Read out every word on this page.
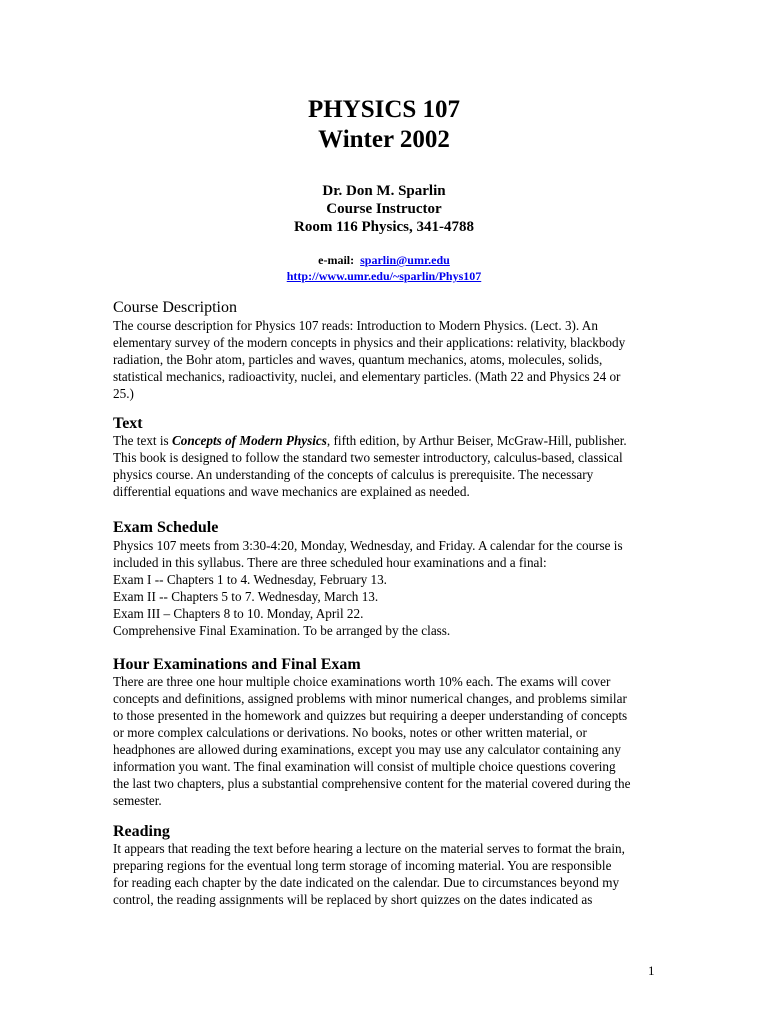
PHYSICS 107
Winter 2002
Dr. Don M. Sparlin
Course Instructor
Room 116 Physics, 341-4788
e-mail: sparlin@umr.edu
http://www.umr.edu/~sparlin/Phys107
Course Description
The course description for Physics 107 reads: Introduction to Modern Physics. (Lect. 3). An
elementary survey of the modern concepts in physics and their applications: relativity, blackbody
radiation, the Bohr atom, particles and waves, quantum mechanics, atoms, molecules, solids,
statistical mechanics, radioactivity, nuclei, and elementary particles. (Math 22 and Physics 24 or
25.)
Text
The text is Concepts of Modern Physics, fifth edition, by Arthur Beiser, McGraw-Hill, publisher.
This book is designed to follow the standard two semester introductory, calculus-based, classical
physics course. An understanding of the concepts of calculus is prerequisite. The necessary
differential equations and wave mechanics are explained as needed.
Exam Schedule
Physics 107 meets from 3:30-4:20, Monday, Wednesday, and Friday. A calendar for the course is
included in this syllabus. There are three scheduled hour examinations and a final:
Exam I -- Chapters 1 to 4. Wednesday, February 13.
Exam II -- Chapters 5 to 7. Wednesday, March 13.
Exam III – Chapters 8 to 10. Monday, April 22.
Comprehensive Final Examination. To be arranged by the class.
Hour Examinations and Final Exam
There are three one hour multiple choice examinations worth 10% each. The exams will cover
concepts and definitions, assigned problems with minor numerical changes, and problems similar
to those presented in the homework and quizzes but requiring a deeper understanding of concepts
or more complex calculations or derivations. No books, notes or other written material, or
headphones are allowed during examinations, except you may use any calculator containing any
information you want. The final examination will consist of multiple choice questions covering
the last two chapters, plus a substantial comprehensive content for the material covered during the
semester.
Reading
It appears that reading the text before hearing a lecture on the material serves to format the brain,
preparing regions for the eventual long term storage of incoming material. You are responsible
for reading each chapter by the date indicated on the calendar. Due to circumstances beyond my
control, the reading assignments will be replaced by short quizzes on the dates indicated as
1
